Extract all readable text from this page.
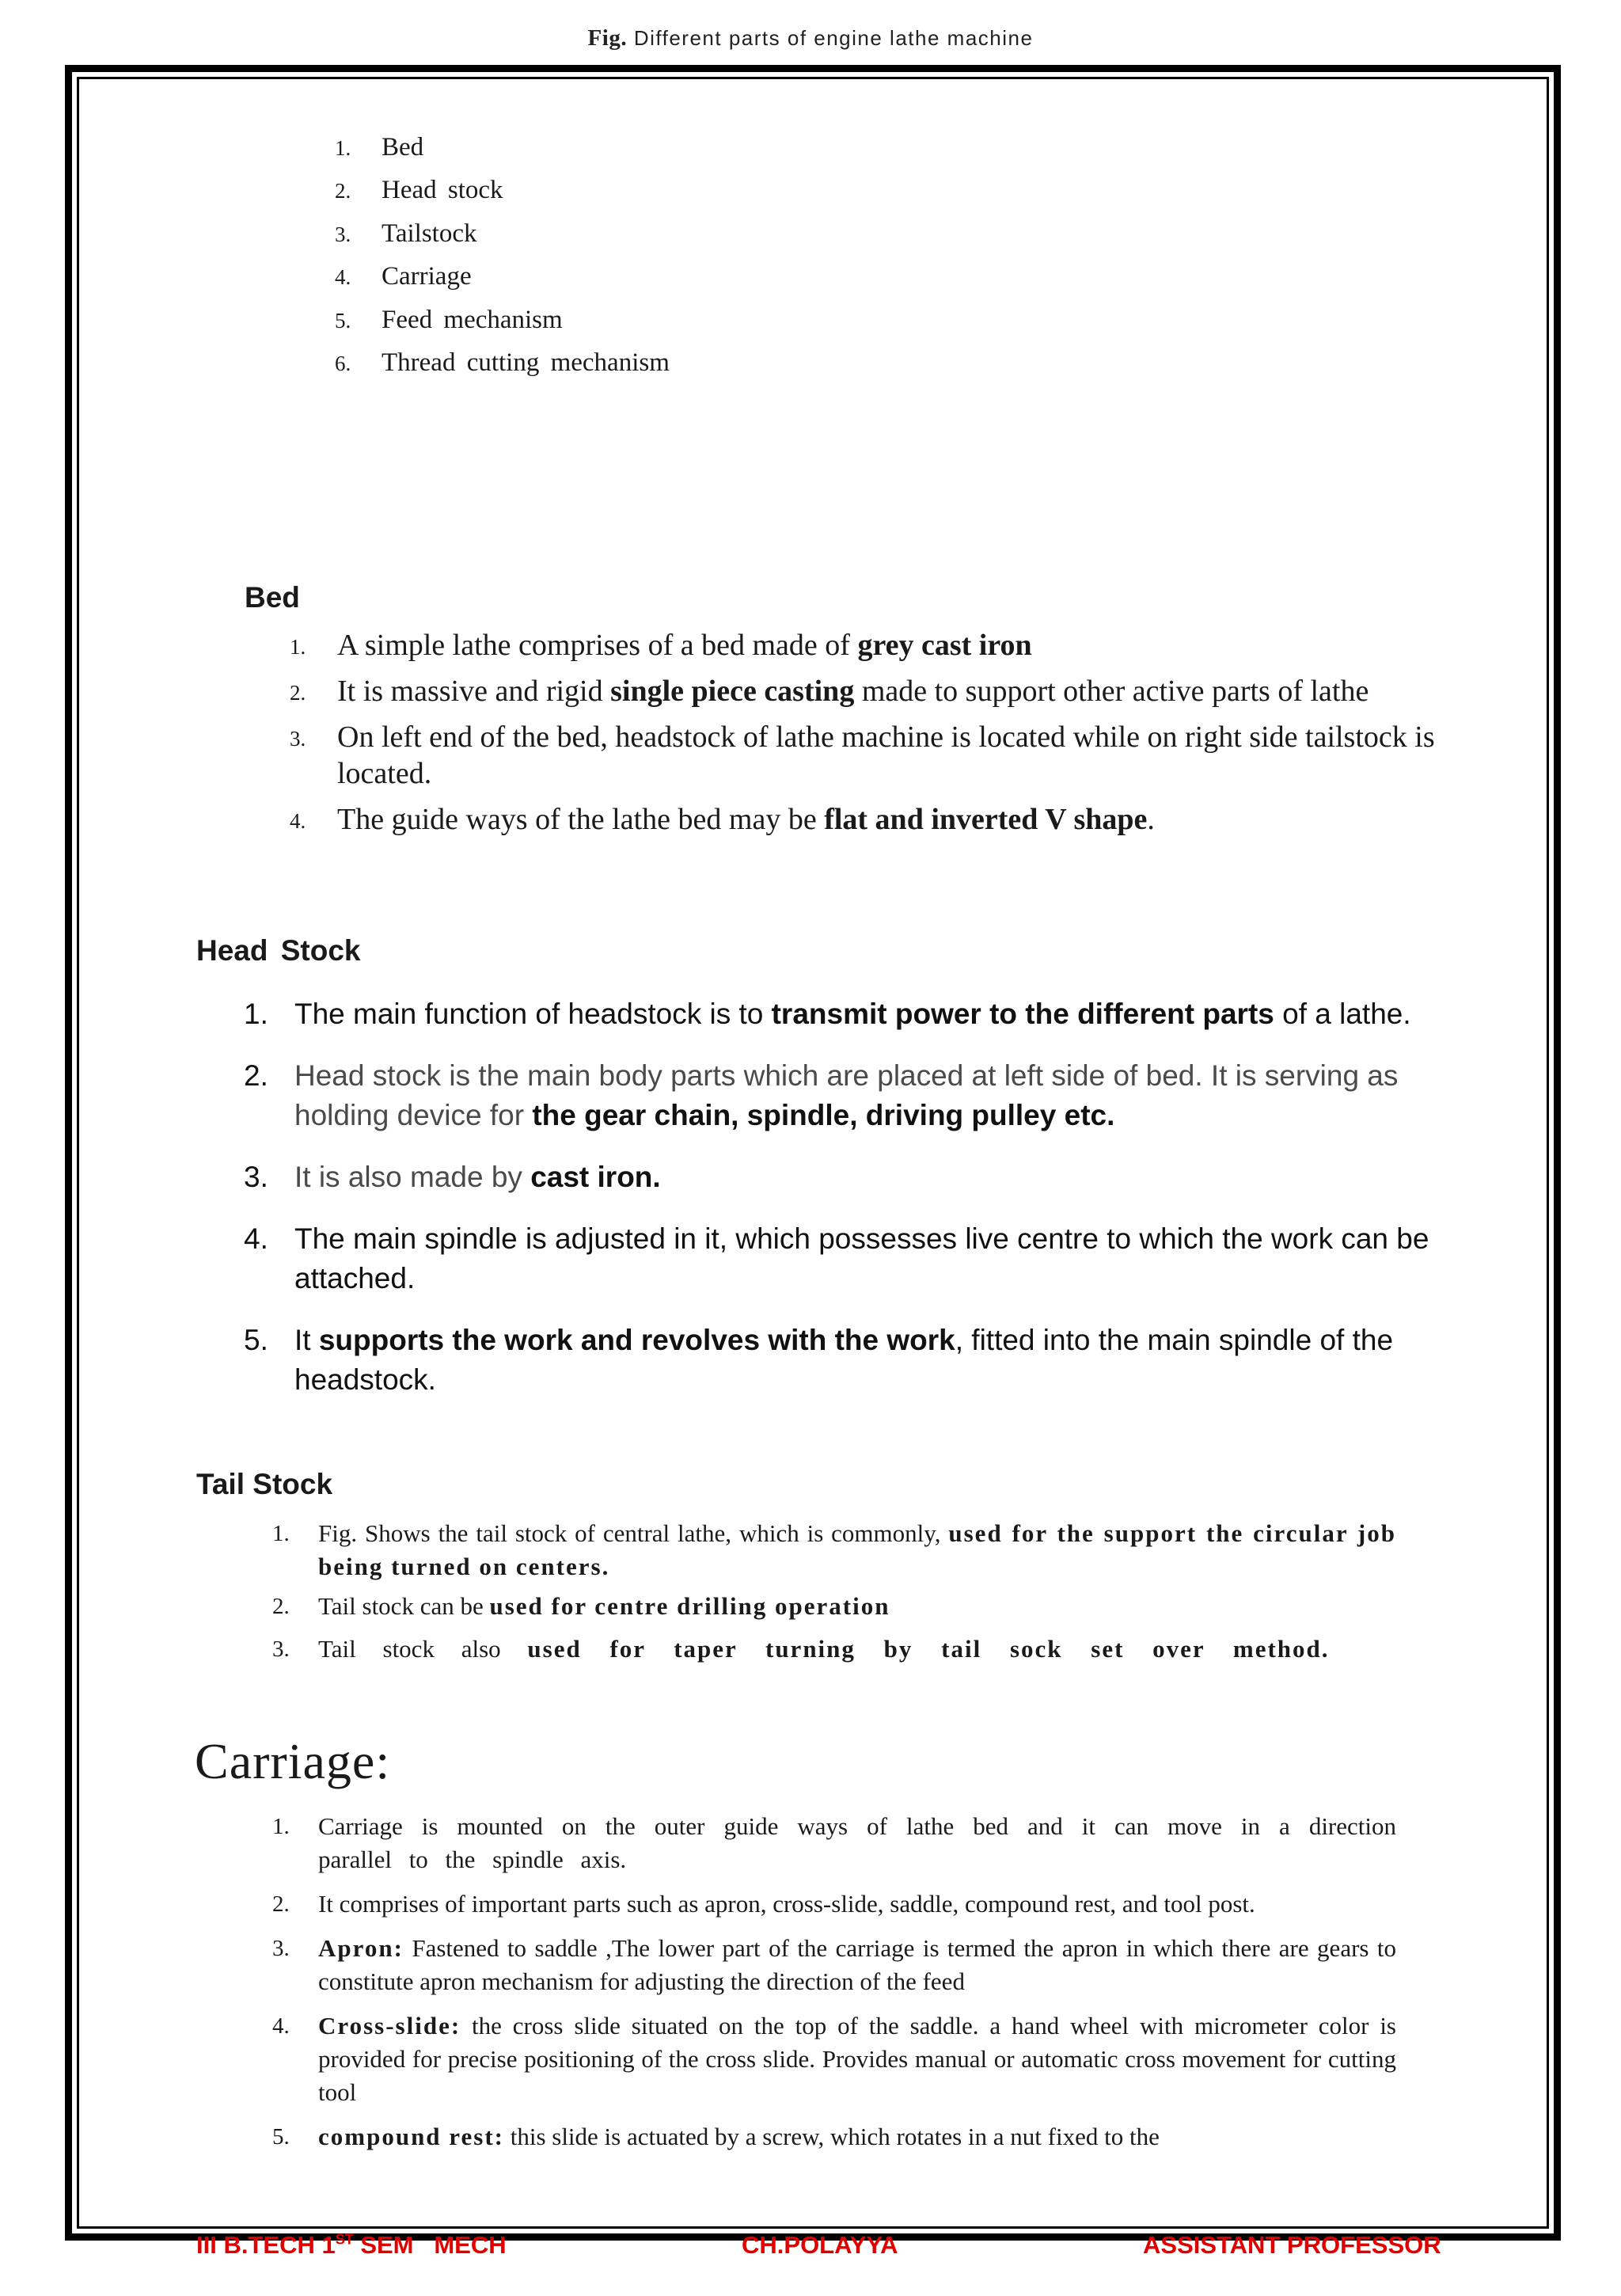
Fig. Different parts of engine lathe machine
1.	Bed
2.	Head stock
3.	Tailstock
4.	Carriage
5.	Feed mechanism
6.	Thread cutting mechanism
Bed
1. A simple lathe comprises of a bed made of grey cast iron
2. It is massive and rigid single piece casting made to support other active parts of lathe
3. On left end of the bed, headstock of lathe machine is located while on right side tailstock is located.
4. The guide ways of the lathe bed may be flat and inverted V shape.
Head Stock
1. The main function of headstock is to transmit power to the different parts of a lathe.
2. Head stock is the main body parts which are placed at left side of bed. It is serving as holding device for the gear chain, spindle, driving pulley etc.
3. It is also made by cast iron.
4. The main spindle is adjusted in it, which possesses live centre to which the work can be attached.
5. It supports the work and revolves with the work, fitted into the main spindle of the headstock.
Tail Stock
1. Fig. Shows the tail stock of central lathe, which is commonly, used for the support the circular job being turned on centers.
2. Tail stock can be used for centre drilling operation
3. Tail stock also used for taper turning by tail sock set over method.
Carriage:
1. Carriage is mounted on the outer guide ways of lathe bed and it can move in a direction parallel to the spindle axis.
2. It comprises of important parts such as apron, cross-slide, saddle, compound rest, and tool post.
3. Apron: Fastened to saddle ,The lower part of the carriage is termed the apron in which there are gears to constitute apron mechanism for adjusting the direction of the feed
4. Cross-slide: the cross slide situated on the top of the saddle. a hand wheel with micrometer color is provided for precise positioning of the cross slide. Provides manual or automatic cross movement for cutting tool
5. compound rest: this slide is actuated by a screw, which rotates in a nut fixed to the
III B.TECH 1ST SEM   MECH	CH.POLAYYA	ASSISTANT PROFESSOR
